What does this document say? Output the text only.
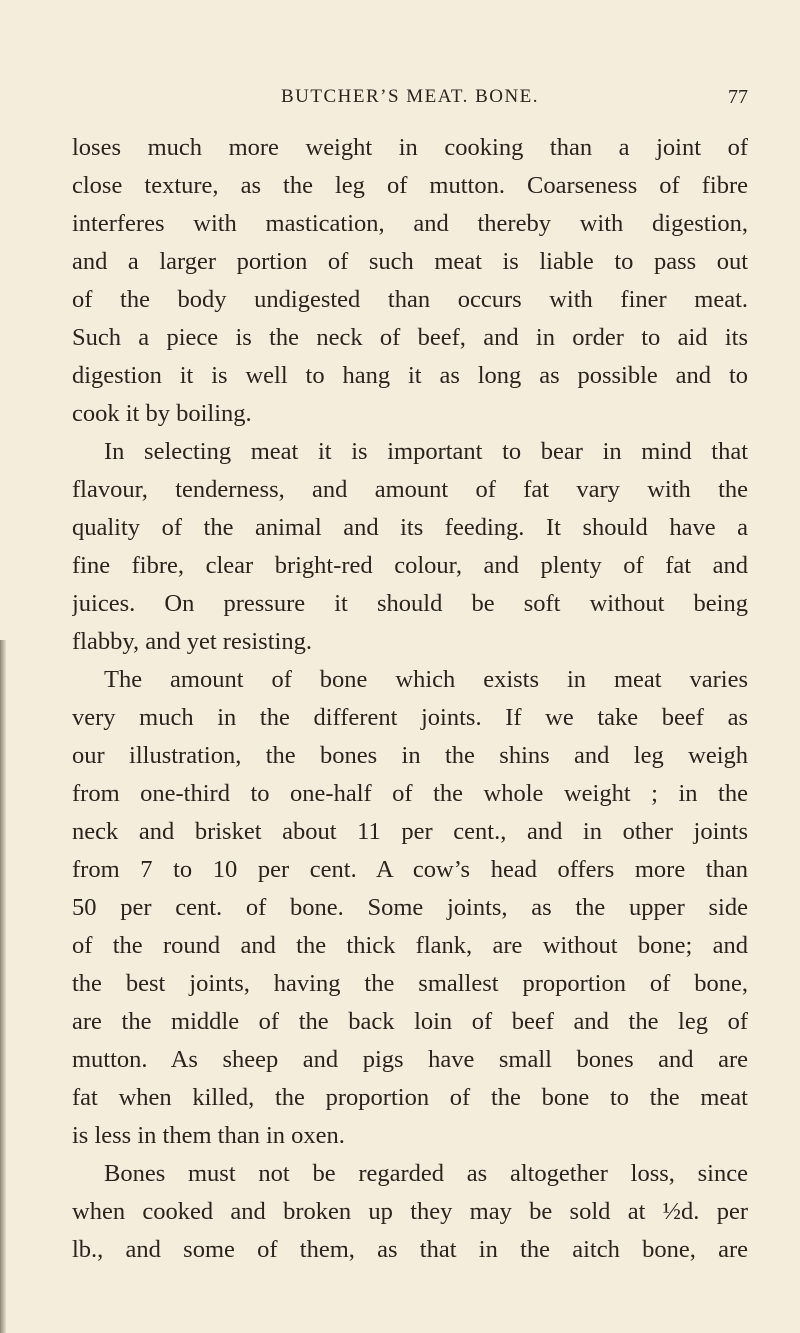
BUTCHER’S MEAT. BONE.	77
loses much more weight in cooking than a joint of
close texture, as the leg of mutton. Coarseness of fibre
interferes with mastication, and thereby with digestion,
and a larger portion of such meat is liable to pass out
of the body undigested than occurs with finer meat.
Such a piece is the neck of beef, and in order to aid its
digestion it is well to hang it as long as possible and to
cook it by boiling.
In selecting meat it is important to bear in mind that
flavour, tenderness, and amount of fat vary with the
quality of the animal and its feeding. It should have a
fine fibre, clear bright-red colour, and plenty of fat and
juices. On pressure it should be soft without being
flabby, and yet resisting.
The amount of bone which exists in meat varies
very much in the different joints. If we take beef as
our illustration, the bones in the shins and leg weigh
from one-third to one-half of the whole weight ; in the
neck and brisket about 11 per cent., and in other joints
from 7 to 10 per cent. A cow’s head offers more than
50 per cent. of bone. Some joints, as the upper side
of the round and the thick flank, are without bone; and
the best joints, having the smallest proportion of bone,
are the middle of the back loin of beef and the leg of
mutton. As sheep and pigs have small bones and are
fat when killed, the proportion of the bone to the meat
is less in them than in oxen.
Bones must not be regarded as altogether loss, since
when cooked and broken up they may be sold at ½d. per
lb., and some of them, as that in the aitch bone, are
